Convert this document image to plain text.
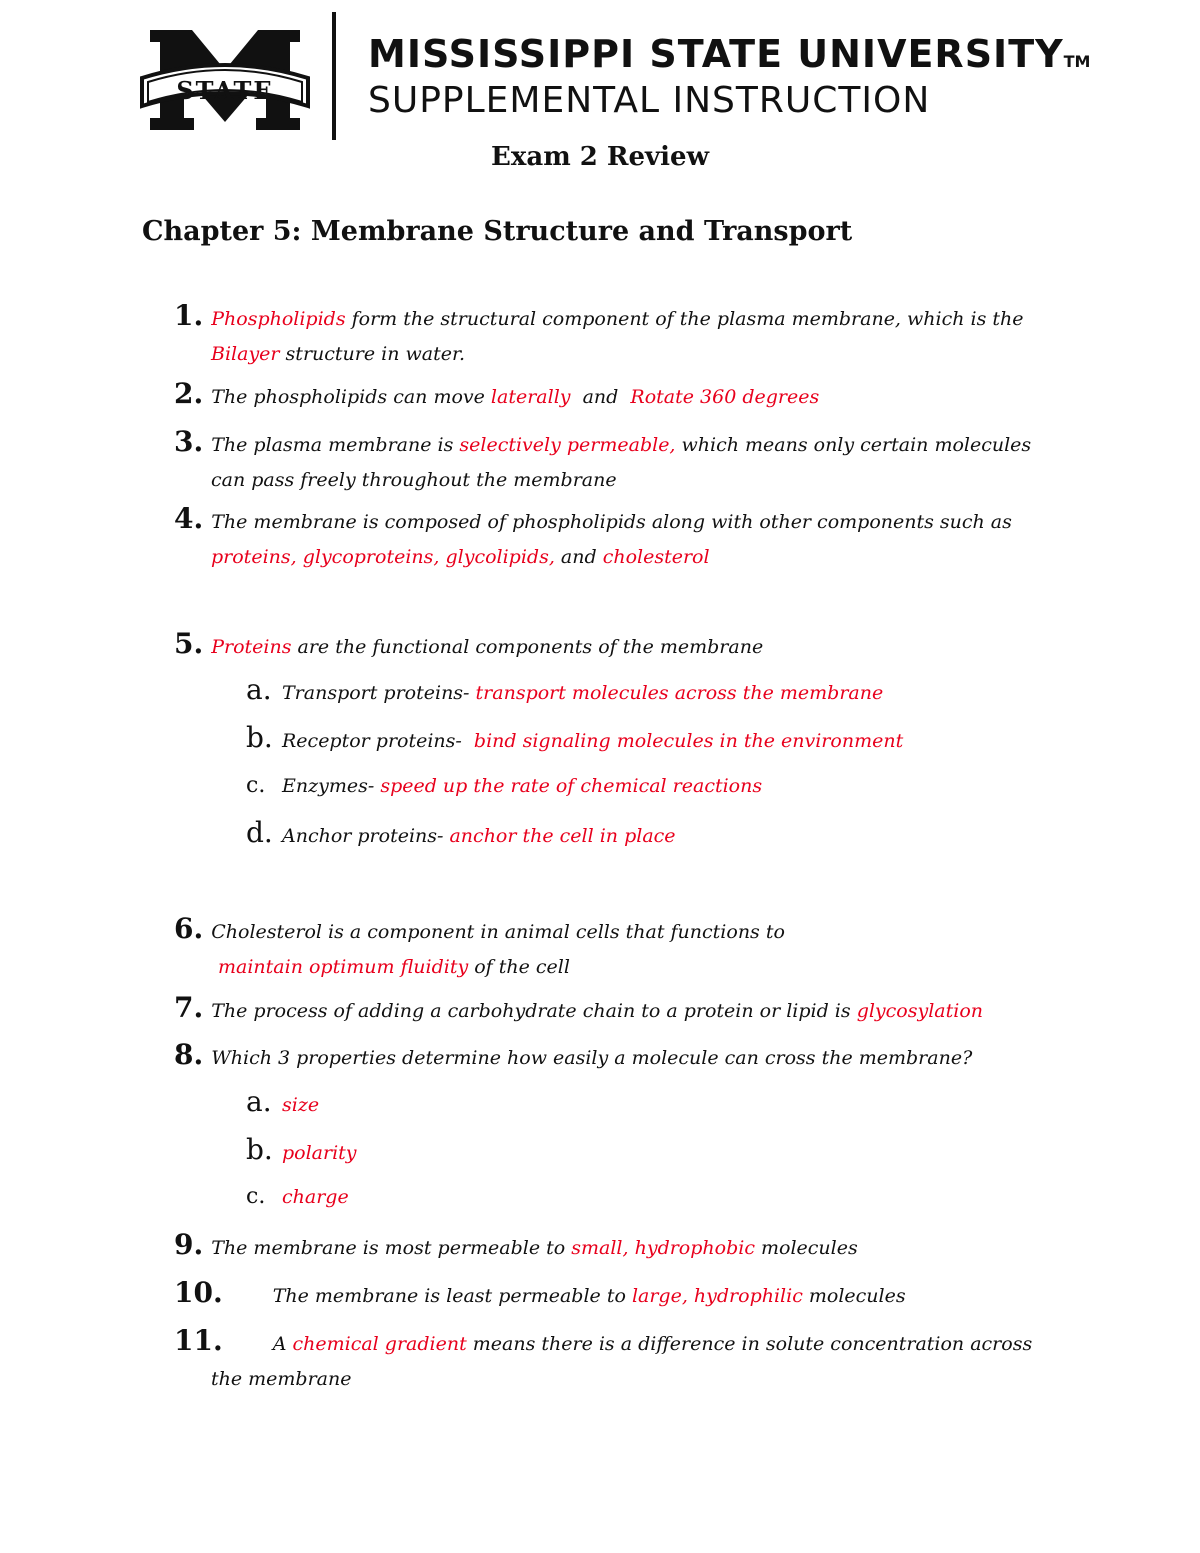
STATE
MISSISSIPPI STATE UNIVERSITYTM
SUPPLEMENTAL INSTRUCTION
Exam 2 Review
Chapter 5: Membrane Structure and Transport
1. Phospholipids form the structural component of the plasma membrane, which is the
Bilayer structure in water.
2. The phospholipids can move laterally  and  Rotate 360 degrees
3. The plasma membrane is selectively permeable, which means only certain molecules
can pass freely throughout the membrane
4. The membrane is composed of phospholipids along with other components such as
proteins, glycoproteins, glycolipids, and cholesterol
5. Proteins are the functional components of the membrane
a. Transport proteins- transport molecules across the membrane
b. Receptor proteins-  bind signaling molecules in the environment
c. Enzymes- speed up the rate of chemical reactions
d. Anchor proteins- anchor the cell in place
6. Cholesterol is a component in animal cells that functions to
maintain optimum fluidity of the cell
7. The process of adding a carbohydrate chain to a protein or lipid is glycosylation
8. Which 3 properties determine how easily a molecule can cross the membrane?
a. size
b. polarity
c. charge
9. The membrane is most permeable to small, hydrophobic molecules
10.	The membrane is least permeable to large, hydrophilic molecules
11.	A chemical gradient means there is a difference in solute concentration across
the membrane
